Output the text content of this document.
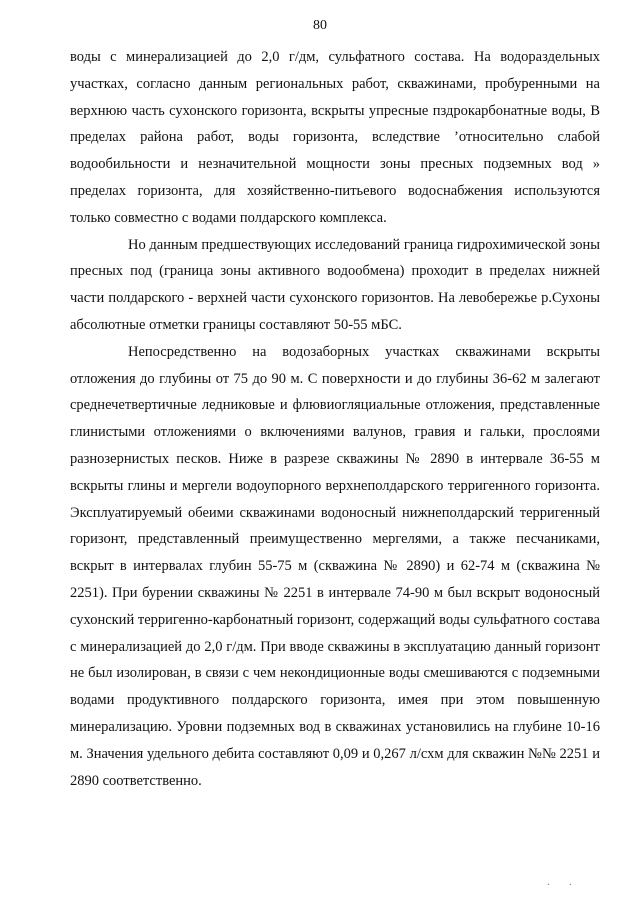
80

воды с минерализацией до 2,0 г/дм, сульфатного состава. На водораздельных участках, согласно данным региональных работ, скважинами, пробуренными на верхнюю часть сухонского горизонта, вскрыты упресные пздрокарбонатные воды, В пределах района работ, воды горизонта, вследствие ’относительно слабой водообильности и незначительной мощности зоны пресных подземных вод » пределах горизонта, для хозяйственно-питьевого водоснабжения используются только совместно с водами полдарского комплекса.

Но данным предшествующих исследований граница гидрохимической зоны пресных под (граница зоны активного водообмена) проходит в пределах нижней части полдарского - верхней части сухонского горизонтов. На левобережье р.Сухоны абсолютные отметки границы составляют 50-55 мБС.

Непосредственно на водозаборных участках скважинами вскрыты отложения до глубины от 75 до 90 м. С поверхности и до глубины 36-62 м залегают среднечетвертичные ледниковые и флювиогляциальные отложения, представленные глинистыми отложениями о включениями валунов, гравия и гальки, прослоями разнозернистых песков. Ниже в разрезе скважины № 2890 в интервале 36-55 м вскрыты глины и мергели водоупорного верхнеполдарского терригенного горизонта. Эксплуатируемый обеими скважинами водоносный нижнеполдарский терригенный горизонт, представленный преимущественно мергелями, а также песчаниками, вскрыт в интервалах глубин 55-75 м (скважина № 2890) и 62-74 м (скважина № 2251). При бурении скважины № 2251 в интервале 74-90 м был вскрыт водоносный сухонский терригенно-карбонатный горизонт, содержащий воды сульфатного состава с минерализацией до 2,0 г/дм. При вводе скважины в эксплуатацию данный горизонт не был изолирован, в связи с чем некондиционные воды смешиваются с подземными водами продуктивного полдарского горизонта, имея при этом повышенную минерализацию. Уровни подземных вод в скважинах установились на глубине 10-16 м. Значения удельного дебита составляют 0,09 и 0,267 л/схм для скважин №№ 2251 и 2890 соответственно.

· ·
